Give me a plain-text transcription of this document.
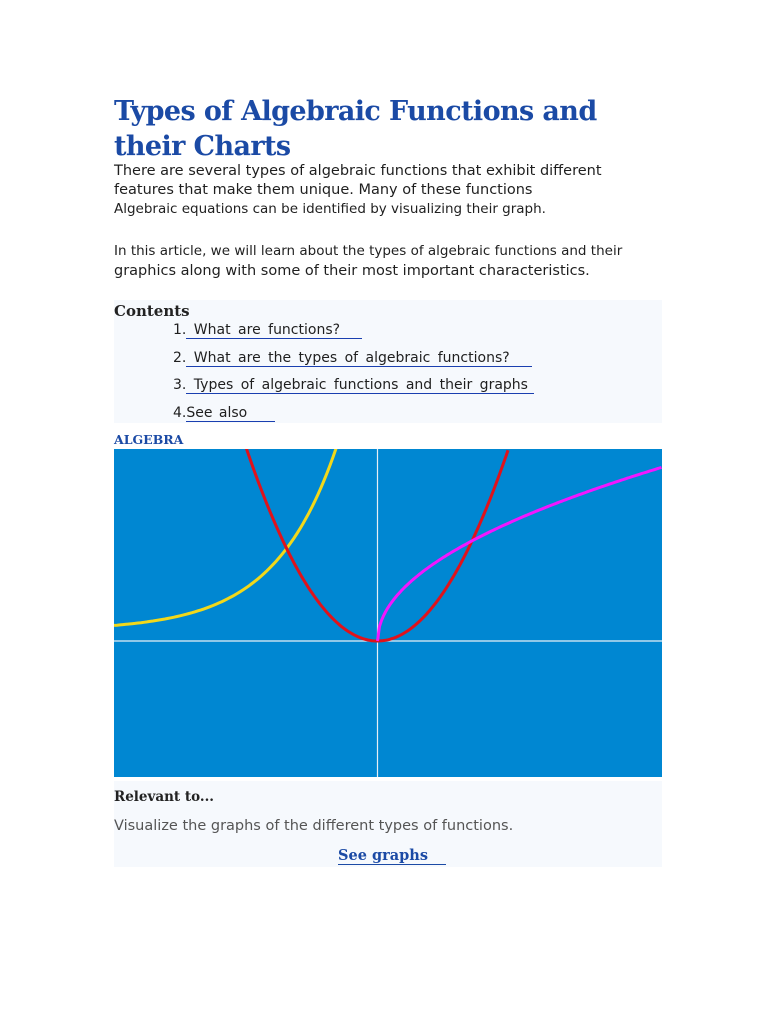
Types of Algebraic Functions and their Charts

There are several types of algebraic functions that exhibit different
features that make them unique. Many of these functions
Algebraic equations can be identified by visualizing their graph.

In this article, we will learn about the types of algebraic functions and their
graphics along with some of their most important characteristics.

Contents
1. What are functions?
2. What are the types of algebraic functions?
3. Types of algebraic functions and their graphs
4.See also
ALGEBRA
Relevant to...
Visualize the graphs of the different types of functions.
See graphs
